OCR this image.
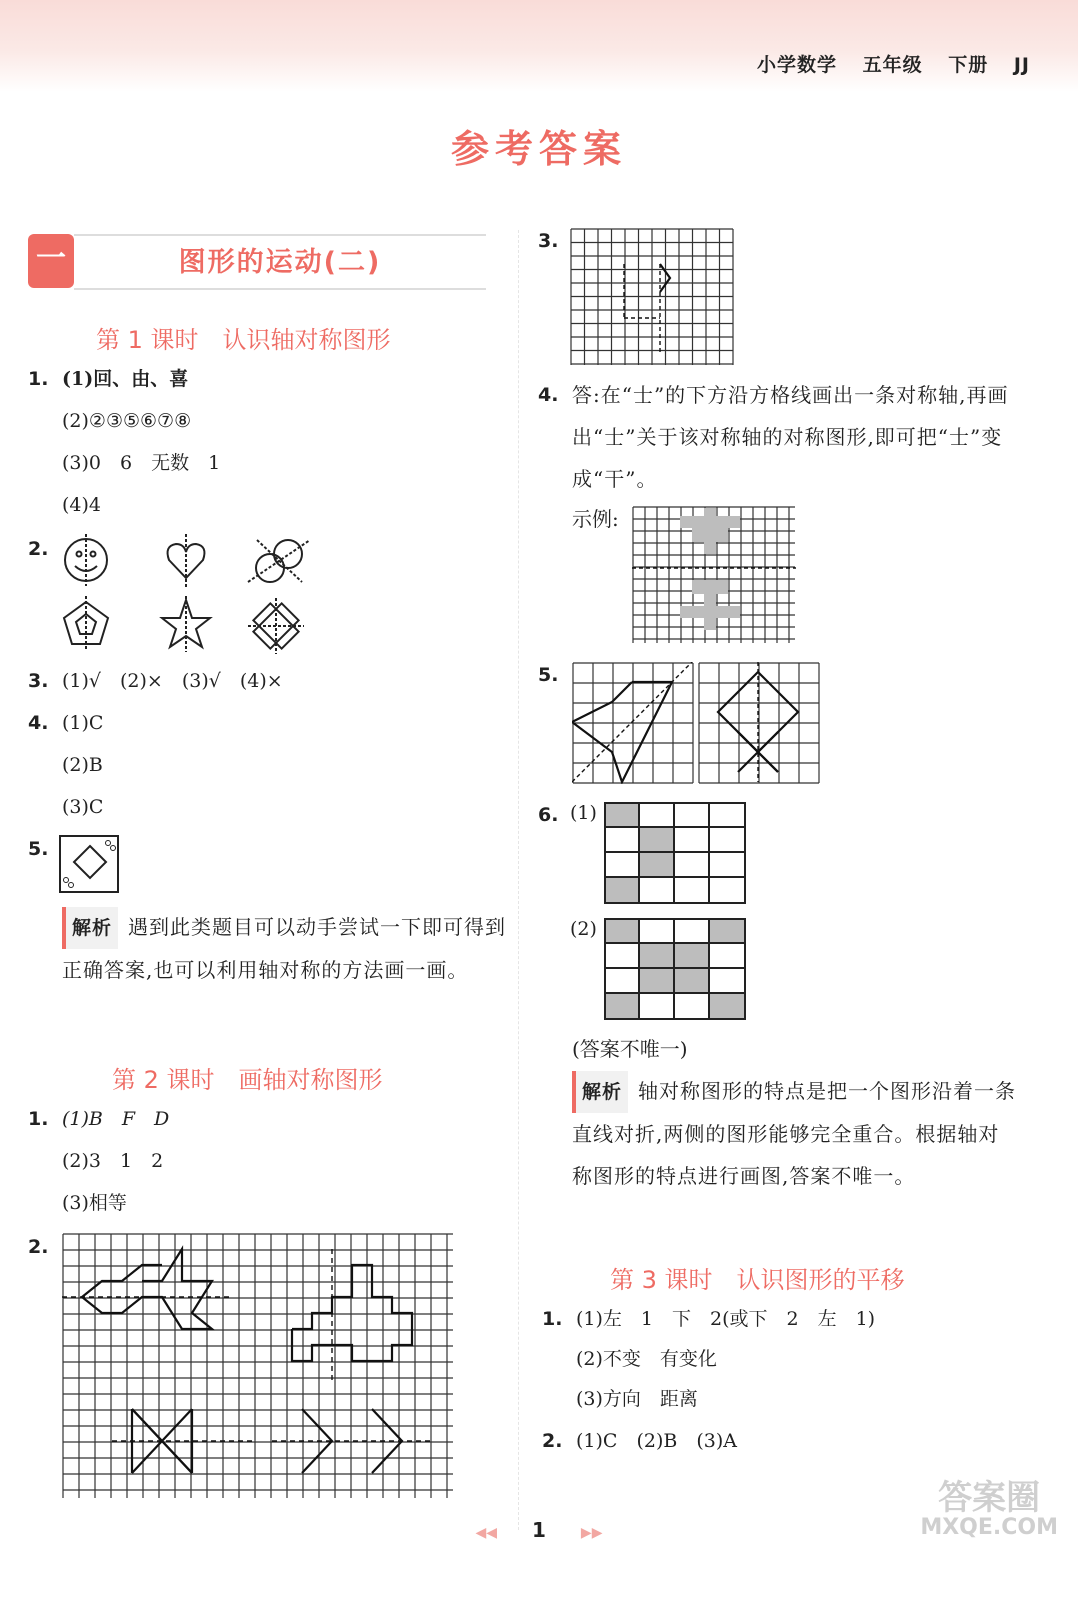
小学数学 五年级 下册 JJ
参考答案
一	图形的运动(二)
第 1 课时　认识轴对称图形
1. (1)回、由、喜
(2)②③⑤⑥⑦⑧
(3)0　6　无数　1
(4)4
2.
3. (1)√　(2)×　(3)√　(4)×
4. (1)C
(2)B
(3)C
5.
解析 遇到此类题目可以动手尝试一下即可得到正确答案,也可以利用轴对称的方法画一画。
第 2 课时　画轴对称图形
1. (1)B　F　D
(2)3　1　2
(3)相等
2.
3.
4. 答:在“士”的下方沿方格线画出一条对称轴,再画出“士”关于该对称轴的对称图形,即可把“士”变成“干”。
示例:
5.
6. (1)
(2)
(答案不唯一)
解析 轴对称图形的特点是把一个图形沿着一条直线对折,两侧的图形能够完全重合。根据轴对称图形的特点进行画图,答案不唯一。
第 3 课时　认识图形的平移
1. (1)左　1　下　2(或下　2　左　1)
(2)不变　有变化
(3)方向　距离
2. (1)C　(2)B　(3)A
◀◀ 1 ▶▶
答案圈
MXQE.COM
